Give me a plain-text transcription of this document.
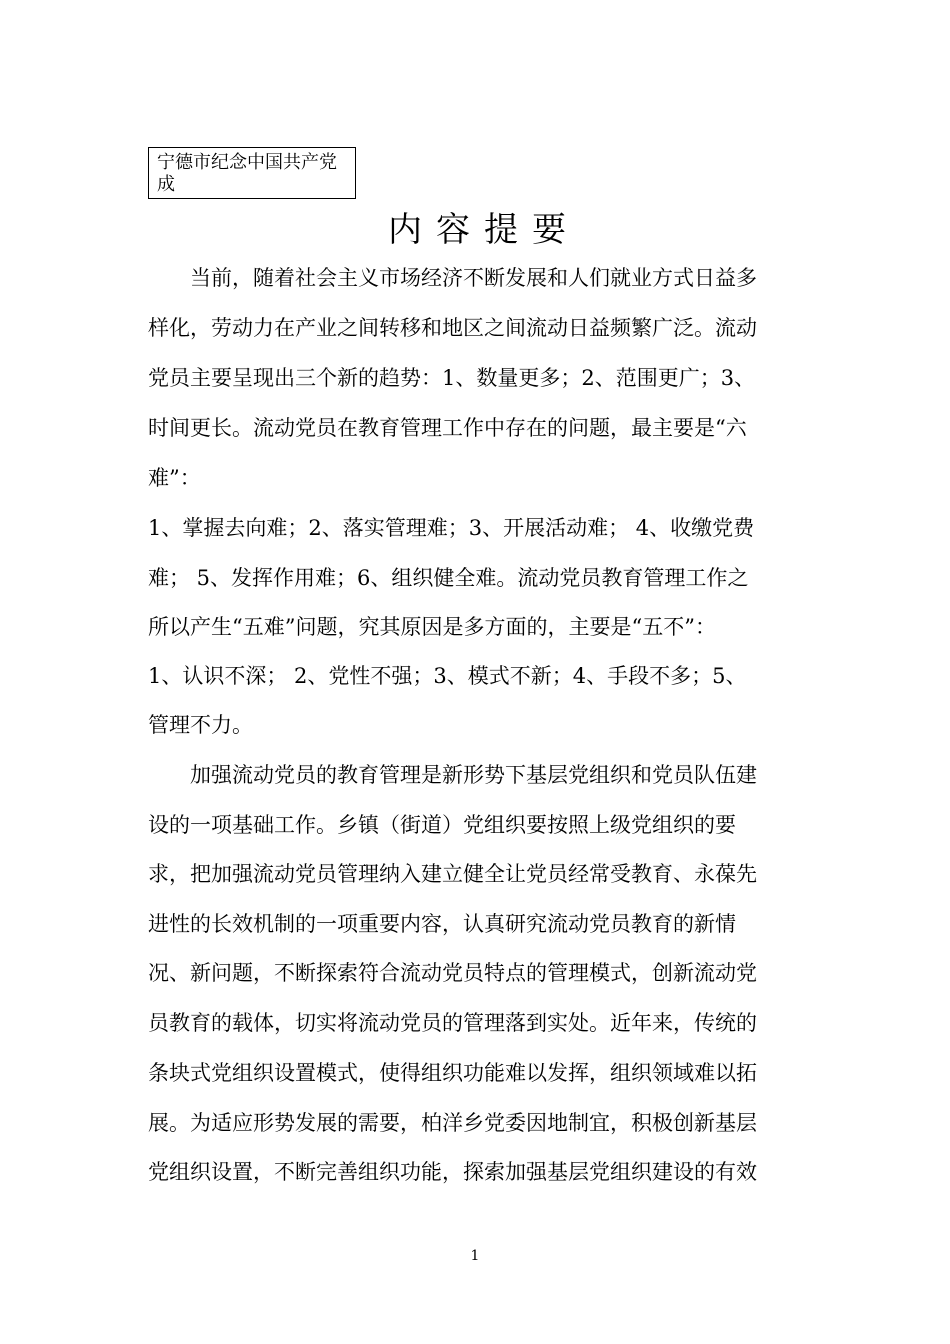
宁德市纪念中国共产党
成
内容提要
　　当前，随着社会主义市场经济不断发展和人们就业方式日益多
样化，劳动力在产业之间转移和地区之间流动日益频繁广泛。流动
党员主要呈现出三个新的趋势：1、数量更多；2、范围更广；3、
时间更长。流动党员在教育管理工作中存在的问题，最主要是“六
难”：
1、掌握去向难；2、落实管理难；3、开展活动难； 4、收缴党费
难； 5、发挥作用难；6、组织健全难。流动党员教育管理工作之
所以产生“五难”问题，究其原因是多方面的，主要是“五不”：
1、认识不深； 2、党性不强；3、模式不新；4、手段不多；5、
管理不力。
　　加强流动党员的教育管理是新形势下基层党组织和党员队伍建
设的一项基础工作。乡镇（街道）党组织要按照上级党组织的要
求，把加强流动党员管理纳入建立健全让党员经常受教育、永葆先
进性的长效机制的一项重要内容，认真研究流动党员教育的新情
况、新问题，不断探索符合流动党员特点的管理模式，创新流动党
员教育的载体，切实将流动党员的管理落到实处。近年来，传统的
条块式党组织设置模式，使得组织功能难以发挥，组织领域难以拓
展。为适应形势发展的需要，柏洋乡党委因地制宜，积极创新基层
党组织设置，不断完善组织功能，探索加强基层党组织建设的有效
1
